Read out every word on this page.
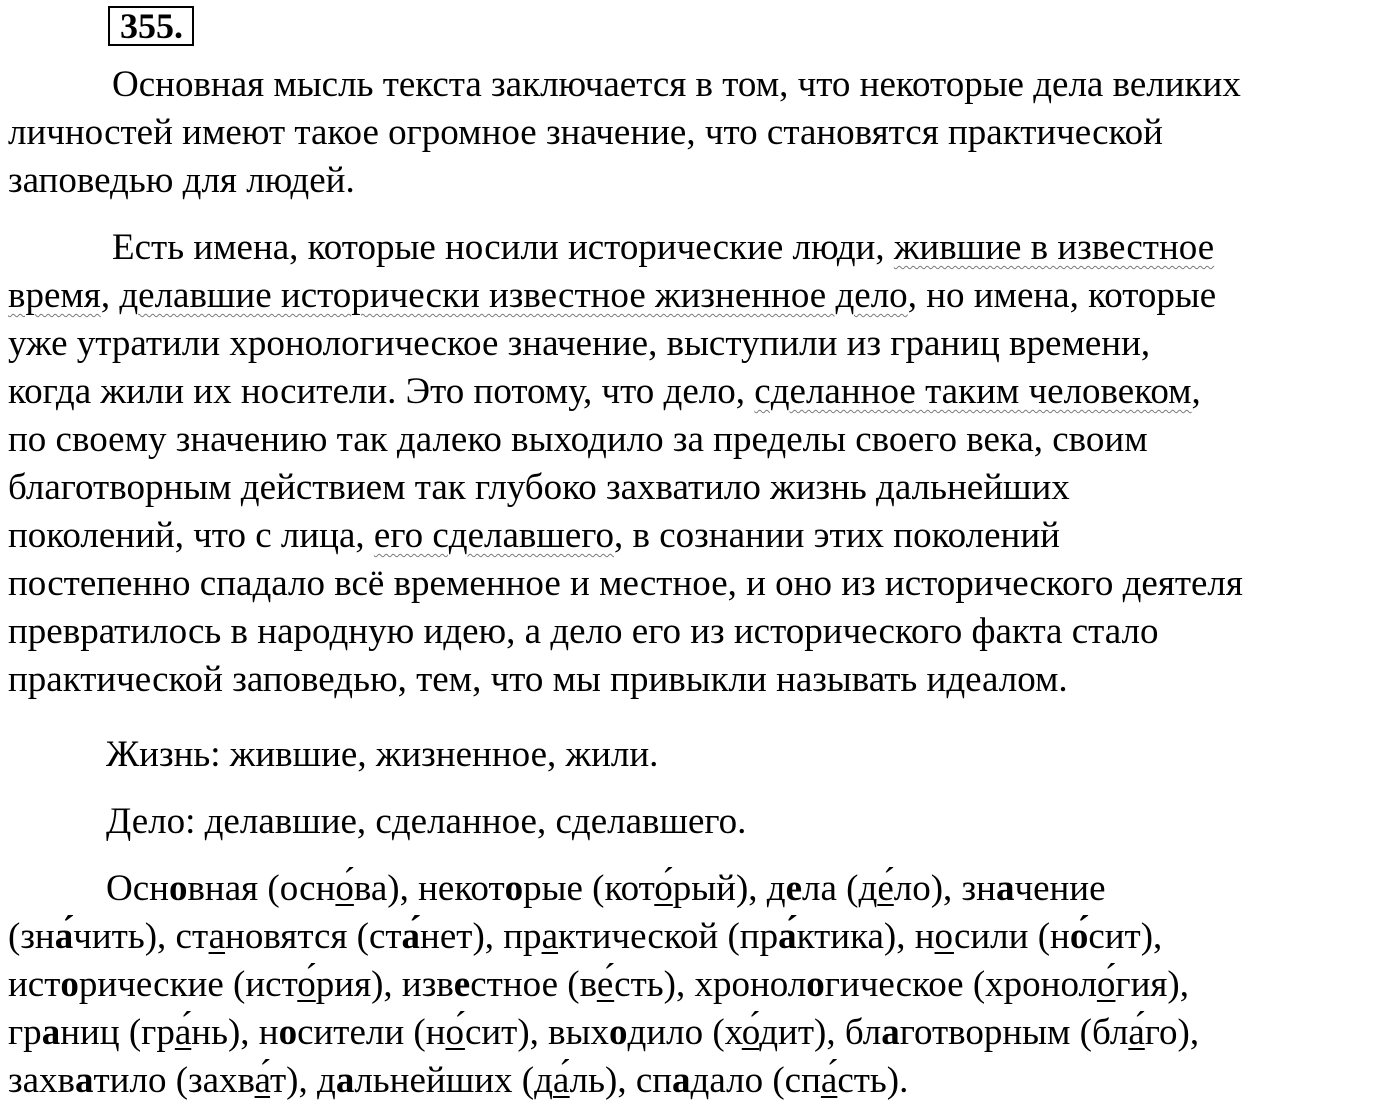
355.

Основная мысль текста заключается в том, что некоторые дела великих

личностей имеют такое огромное значение, что становятся практической

заповедью для людей.

Есть имена, которые носили исторические люди, жившие в известное

время, делавшие исторически известное жизненное дело, но имена, которые

уже утратили хронологическое значение, выступили из границ времени,

когда жили их носители. Это потому, что дело, сделанное таким человеком,

по своему значению так далеко выходило за пределы своего века, своим

благотворным действием так глубоко захватило жизнь дальнейших

поколений, что с лица, его сделавшего, в сознании этих поколений

постепенно спадало всё временное и местное, и оно из исторического деятеля

превратилось в народную идею, а дело его из исторического факта стало

практической заповедью, тем, что мы привыкли называть идеалом.

Жизнь: жившие, жизненное, жили.

Дело: делавшие, сделанное, сделавшего.

Основная (осно́ва), некоторые (кото́рый), дела (де́ло), значение

(зна́чить), становятся (ста́нет), практической (пра́ктика), носили (но́сит),

исторические (исто́рия), известное (ве́сть), хронологическое (хроноло́гия),

границ (гра́нь), носители (но́сит), выходило (хо́дит), благотворным (бла́го),

захватило (захва́т), дальнейших (да́ль), спадало (спа́сть).
